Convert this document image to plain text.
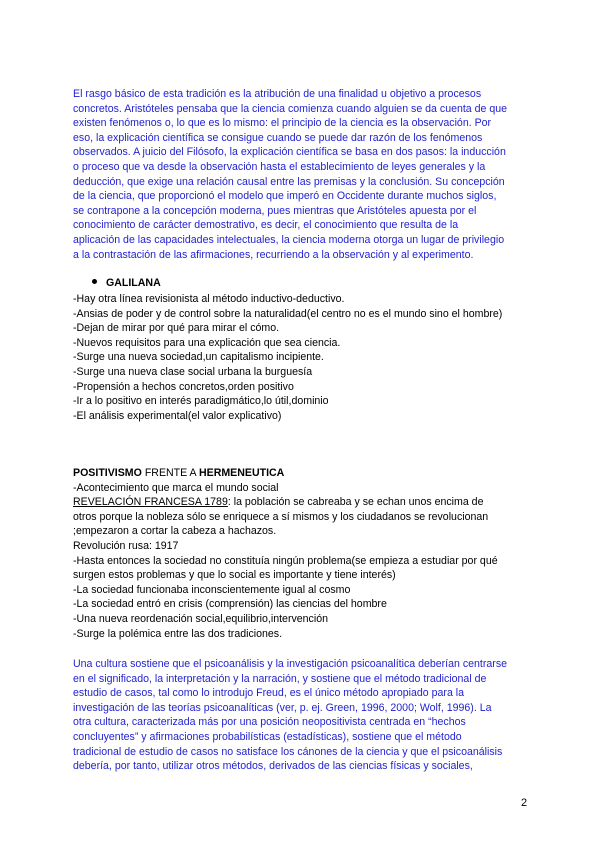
El rasgo básico de esta tradición es la atribución de una finalidad u objetivo a procesos
concretos. Aristóteles pensaba que la ciencia comienza cuando alguien se da cuenta de que
existen fenómenos o, lo que es lo mismo: el principio de la ciencia es la observación. Por
eso, la explicación científica se consigue cuando se puede dar razón de los fenómenos
observados. A juicio del Filósofo, la explicación científica se basa en dos pasos: la inducción
o proceso que va desde la observación hasta el establecimiento de leyes generales y la
deducción, que exige una relación causal entre las premisas y la conclusión. Su concepción
de la ciencia, que proporcionó el modelo que imperó en Occidente durante muchos siglos,
se contrapone a la concepción moderna, pues mientras que Aristóteles apuesta por el
conocimiento de carácter demostrativo, es decir, el conocimiento que resulta de la
aplicación de las capacidades intelectuales, la ciencia moderna otorga un lugar de privilegio
a la contrastación de las afirmaciones, recurriendo a la observación y al experimento.
GALILANA
-Hay otra línea revisionista al método inductivo-deductivo.
-Ansias de poder y de control sobre la naturalidad(el centro no es el mundo sino el hombre)
-Dejan de mirar por qué para mirar el cómo.
-Nuevos requisitos para una explicación que sea ciencia.
-Surge una nueva sociedad,un capitalismo incipiente.
-Surge una nueva clase social urbana la burguesía
-Propensión a hechos concretos,orden positivo
-Ir a lo positivo en interés paradigmático,lo útil,dominio
-El análisis experimental(el valor explicativo)
POSITIVISMO FRENTE A HERMENEUTICA
-Acontecimiento que marca el mundo social
REVELACIÓN FRANCESA 1789: la población se cabreaba y se echan unos encima de
otros porque la nobleza sólo se enriquece a sí mismos y los ciudadanos se revolucionan
;empezaron a cortar la cabeza a hachazos.
Revolución rusa: 1917
-Hasta entonces la sociedad no constituía ningún problema(se empieza a estudiar por qué
surgen estos problemas y que lo social es importante y tiene interés)
-La sociedad funcionaba inconscientemente igual al cosmo
-La sociedad entró en crisis (comprensión) las ciencias del hombre
-Una nueva reordenación social,equilibrio,intervención
-Surge la polémica entre las dos tradiciones.
Una cultura sostiene que el psicoanálisis y la investigación psicoanalítica deberían centrarse
en el significado, la interpretación y la narración, y sostiene que el método tradicional de
estudio de casos, tal como lo introdujo Freud, es el único método apropiado para la
investigación de las teorías psicoanalíticas (ver, p. ej. Green, 1996, 2000; Wolf, 1996). La
otra cultura, caracterizada más por una posición neopositivista centrada en “hechos
concluyentes” y afirmaciones probabilísticas (estadísticas), sostiene que el método
tradicional de estudio de casos no satisface los cánones de la ciencia y que el psicoanálisis
debería, por tanto, utilizar otros métodos, derivados de las ciencias físicas y sociales,
2
